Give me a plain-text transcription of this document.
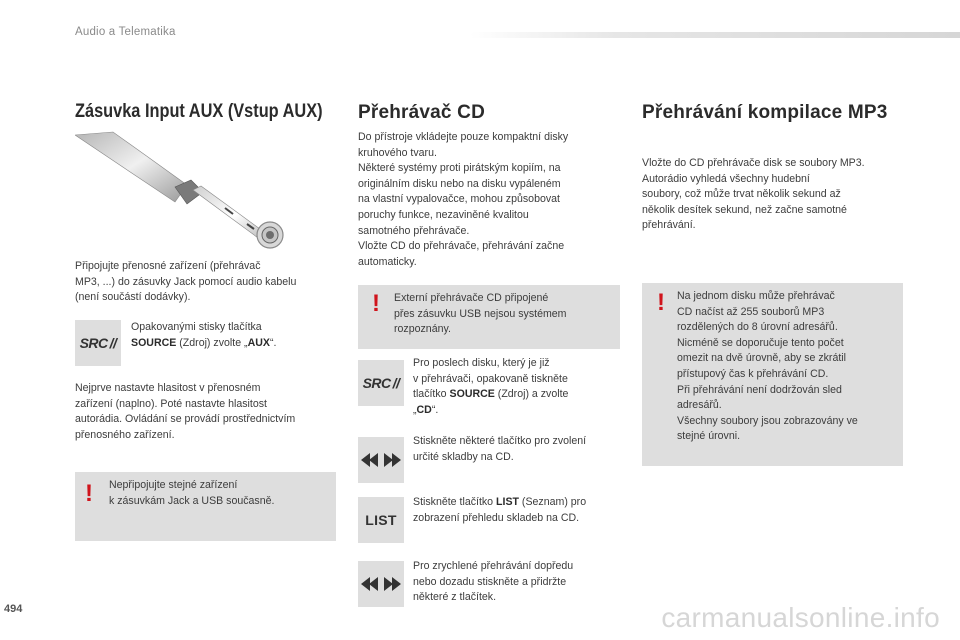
Audio a Telematika
Zásuvka Input AUX (Vstup AUX)

Připojujte přenosné zařízení (přehrávač

MP3, ...) do zásuvky Jack pomocí audio kabelu

(není součástí dodávky).

SRC //

Opakovanými stisky tlačítka

SOURCE (Zdroj) zvolte „AUX“.

Nejprve nastavte hlasitost v přenosném

zařízení (naplno). Poté nastavte hlasitost

autorádia. Ovládání se provádí prostřednictvím

přenosného zařízení.

! Nepřipojujte stejné zařízení

k zásuvkám Jack a USB současně.

Přehrávač CD

Do přístroje vkládejte pouze kompaktní disky

kruhového tvaru.

Některé systémy proti pirátským kopiím, na

originálním disku nebo na disku vypáleném

na vlastní vypalovačce, mohou způsobovat

poruchy funkce, nezaviněné kvalitou

samotného přehrávače.

Vložte CD do přehrávače, přehrávání začne

automaticky.

! Externí přehrávače CD připojené

přes zásuvku USB nejsou systémem

rozpoznány.

SRC //

Pro poslech disku, který je již

v přehrávači, opakovaně tiskněte

tlačítko SOURCE (Zdroj) a zvolte

„CD“.

Stiskněte některé tlačítko pro zvolení

určité skladby na CD.

LIST

Stiskněte tlačítko LIST (Seznam) pro

zobrazení přehledu skladeb na CD.

Pro zrychlené přehrávání dopředu

nebo dozadu stiskněte a přidržte

některé z tlačítek.

Přehrávání kompilace MP3

Vložte do CD přehrávače disk se soubory MP3.

Autorádio vyhledá všechny hudební

soubory, což může trvat několik sekund až

několik desítek sekund, než začne samotné

přehrávání.

! Na jednom disku může přehrávač

CD načíst až 255 souborů MP3

rozdělených do 8 úrovní adresářů.

Nicméně se doporučuje tento počet

omezit na dvě úrovně, aby se zkrátil

přístupový čas k přehrávání CD.

Při přehrávání není dodržován sled

adresářů.

Všechny soubory jsou zobrazovány ve

stejné úrovni.

494	carmanualsonline.info
